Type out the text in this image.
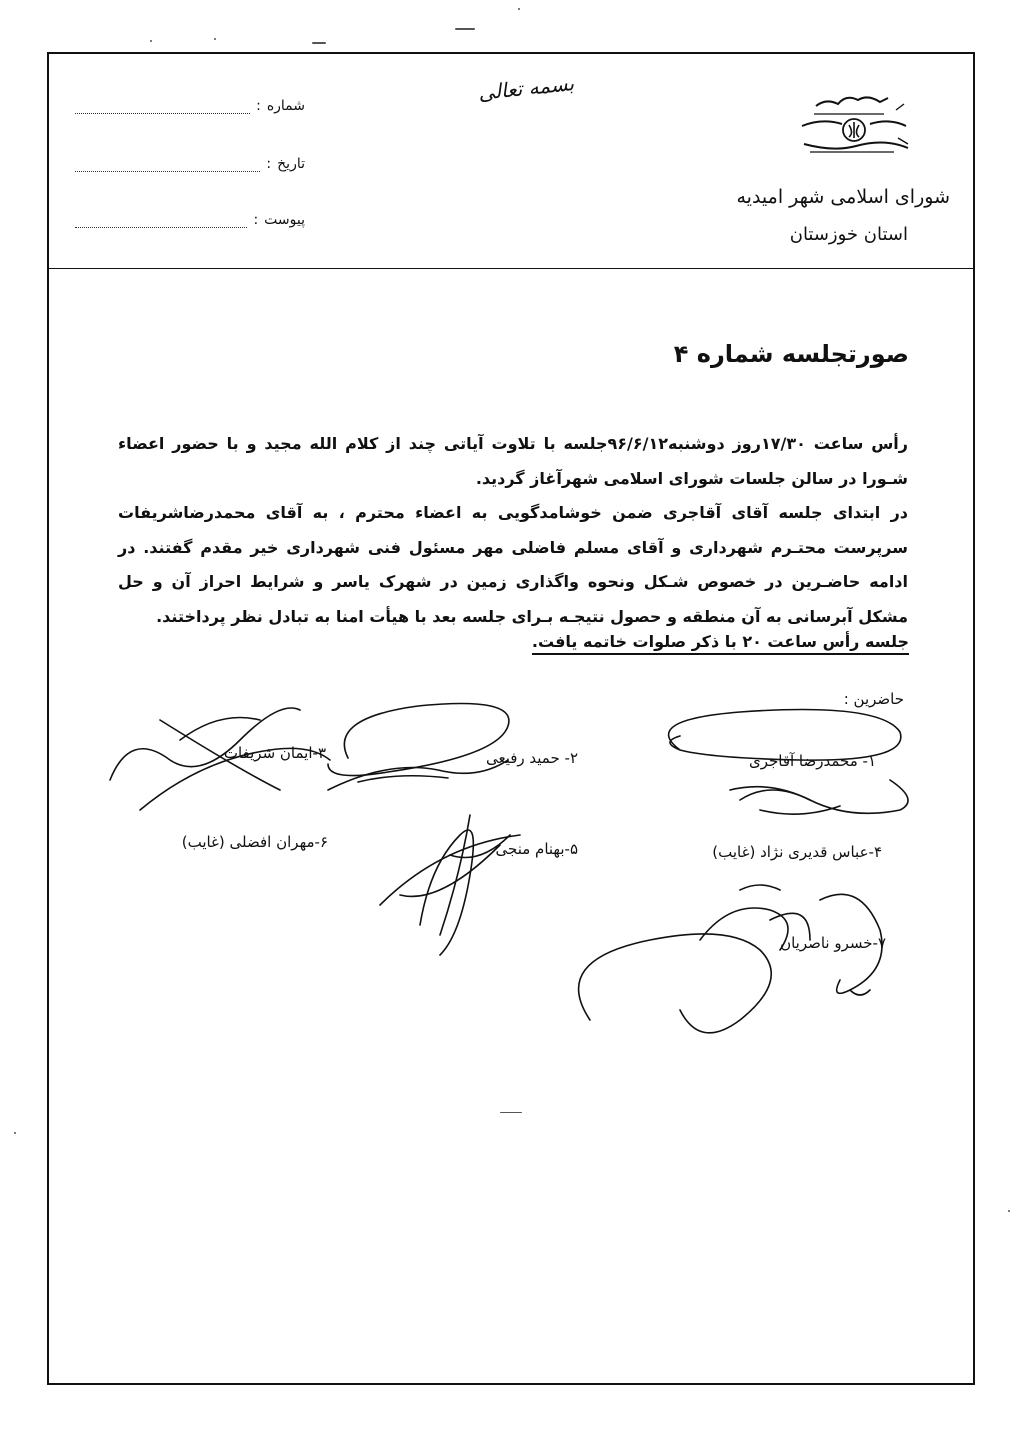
شماره
:
تاریخ
:
پیوست
:
بسمه تعالی
شورای اسلامی شهر امیدیه
استان خوزستان
صورتجلسه شماره ۴

رأس ساعت ۱۷/۳۰روز دوشنبه۹۶/۶/۱۲جلسه با تلاوت آیاتی چند از کلام الله مجید و با حضور اعضاء شـورا در سالن جلسات شورای اسلامی شهرآغاز گردید.

در ابتدای جلسه آقای آقاجری ضمن خوشامدگویی به اعضاء محترم ، به آقای محمدرضاشریفات سرپرست محتـرم شهرداری و آقای مسلم فاضلی مهر مسئول فنی شهرداری خیر مقدم گفتند. در ادامه حاضـرین در خصوص شـکل ونحوه واگذاری زمین در شهرک یاسر و شرایط احراز آن و حل مشکل آبرسانی به آن منطقه و حصول نتیجـه بـرای جلسه بعد با هیأت امنا به تبادل نظر پرداختند.

جلسه رأس ساعت ۲۰ با ذکر صلوات خاتمه یافت.
حاضرین :
۱- محمدرضا آقاجری
۲- حمید رفیعی
۳-ایمان شریفات
۴-عباس قدیری نژاد (غایب)
۵-بهنام منجی
۶-مهران افضلی (غایب)
۷-خسرو ناصریان
